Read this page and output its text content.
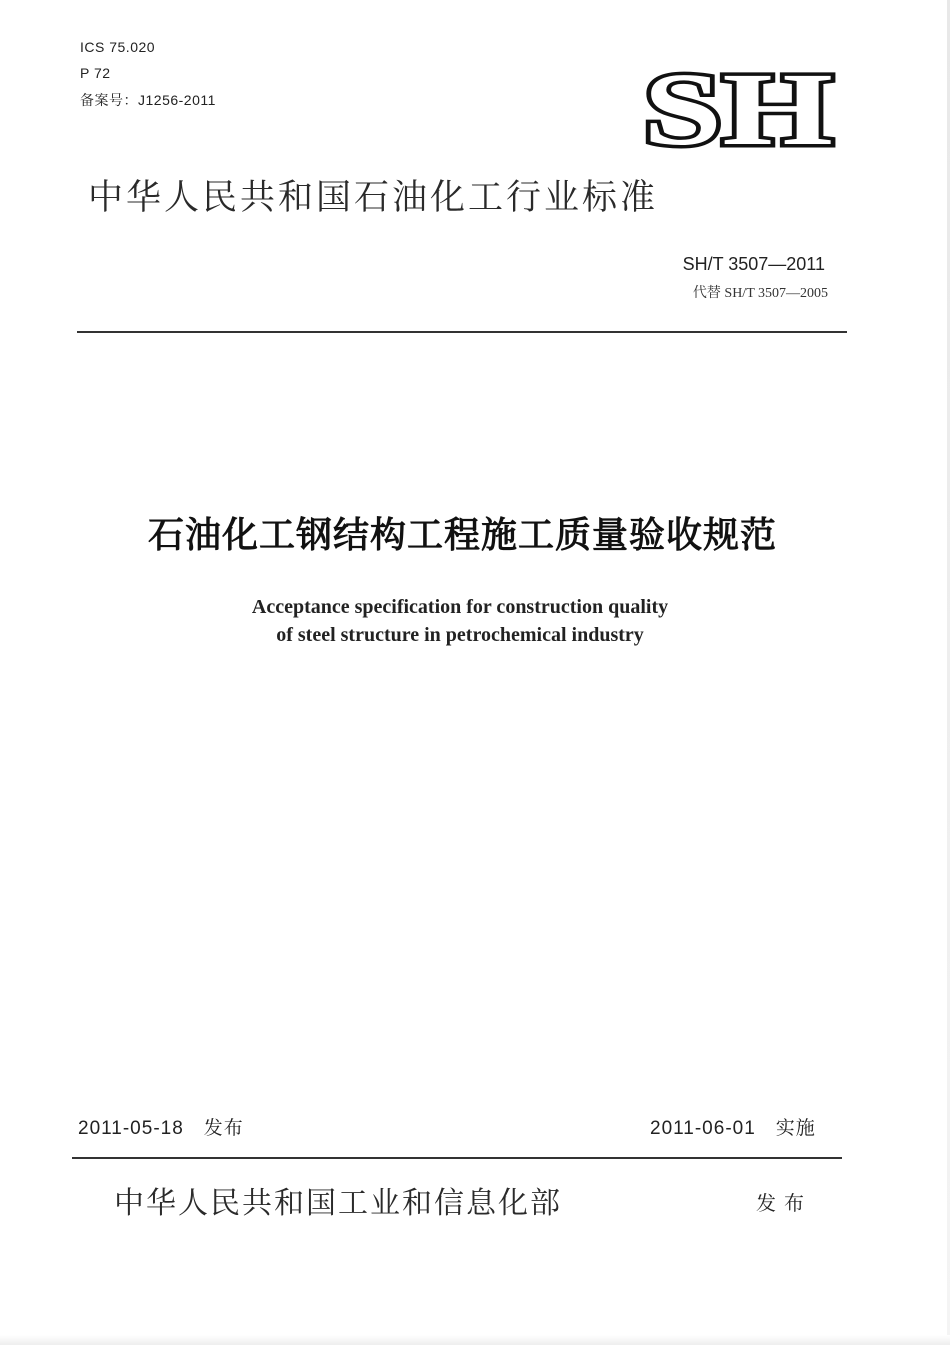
ICS 75.020
P 72
备案号：J1256-2011	SH
中华人民共和国石油化工行业标准
SH/T 3507—2011
代替 SH/T 3507—2005
石油化工钢结构工程施工质量验收规范
Acceptance specification for construction quality
of steel structure in petrochemical industry
2011-05-18 发布	2011-06-01 实施
中华人民共和国工业和信息化部	发布
